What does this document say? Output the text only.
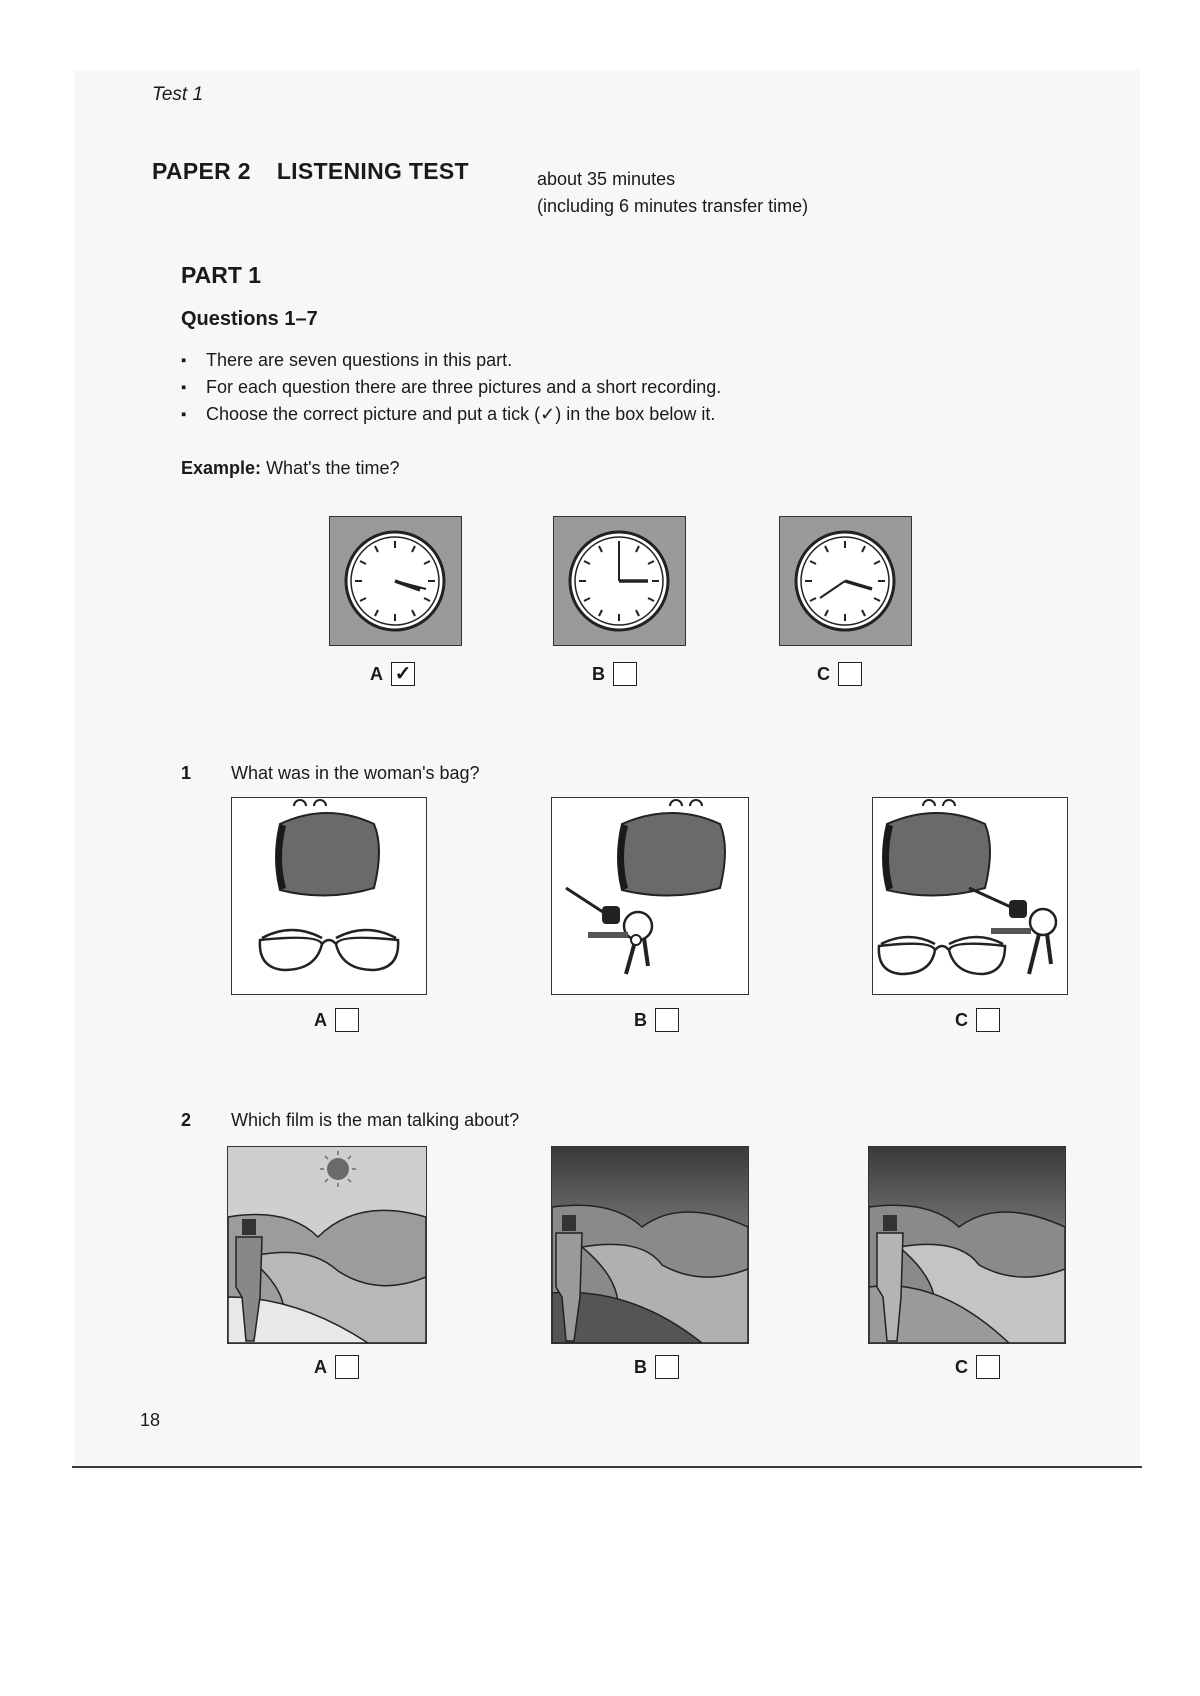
Test 1
PAPER 2 LISTENING TEST	about 35 minutes
(including 6 minutes transfer time)
PART 1
Questions 1–7
▪ There are seven questions in this part.
▪ For each question there are three pictures and a short recording.
▪ Choose the correct picture and put a tick (✓) in the box below it.
Example: What's the time?
A ✓	B	C
1 What was in the woman's bag?
A	B	C
2 Which film is the man talking about?
A	B	C
18
